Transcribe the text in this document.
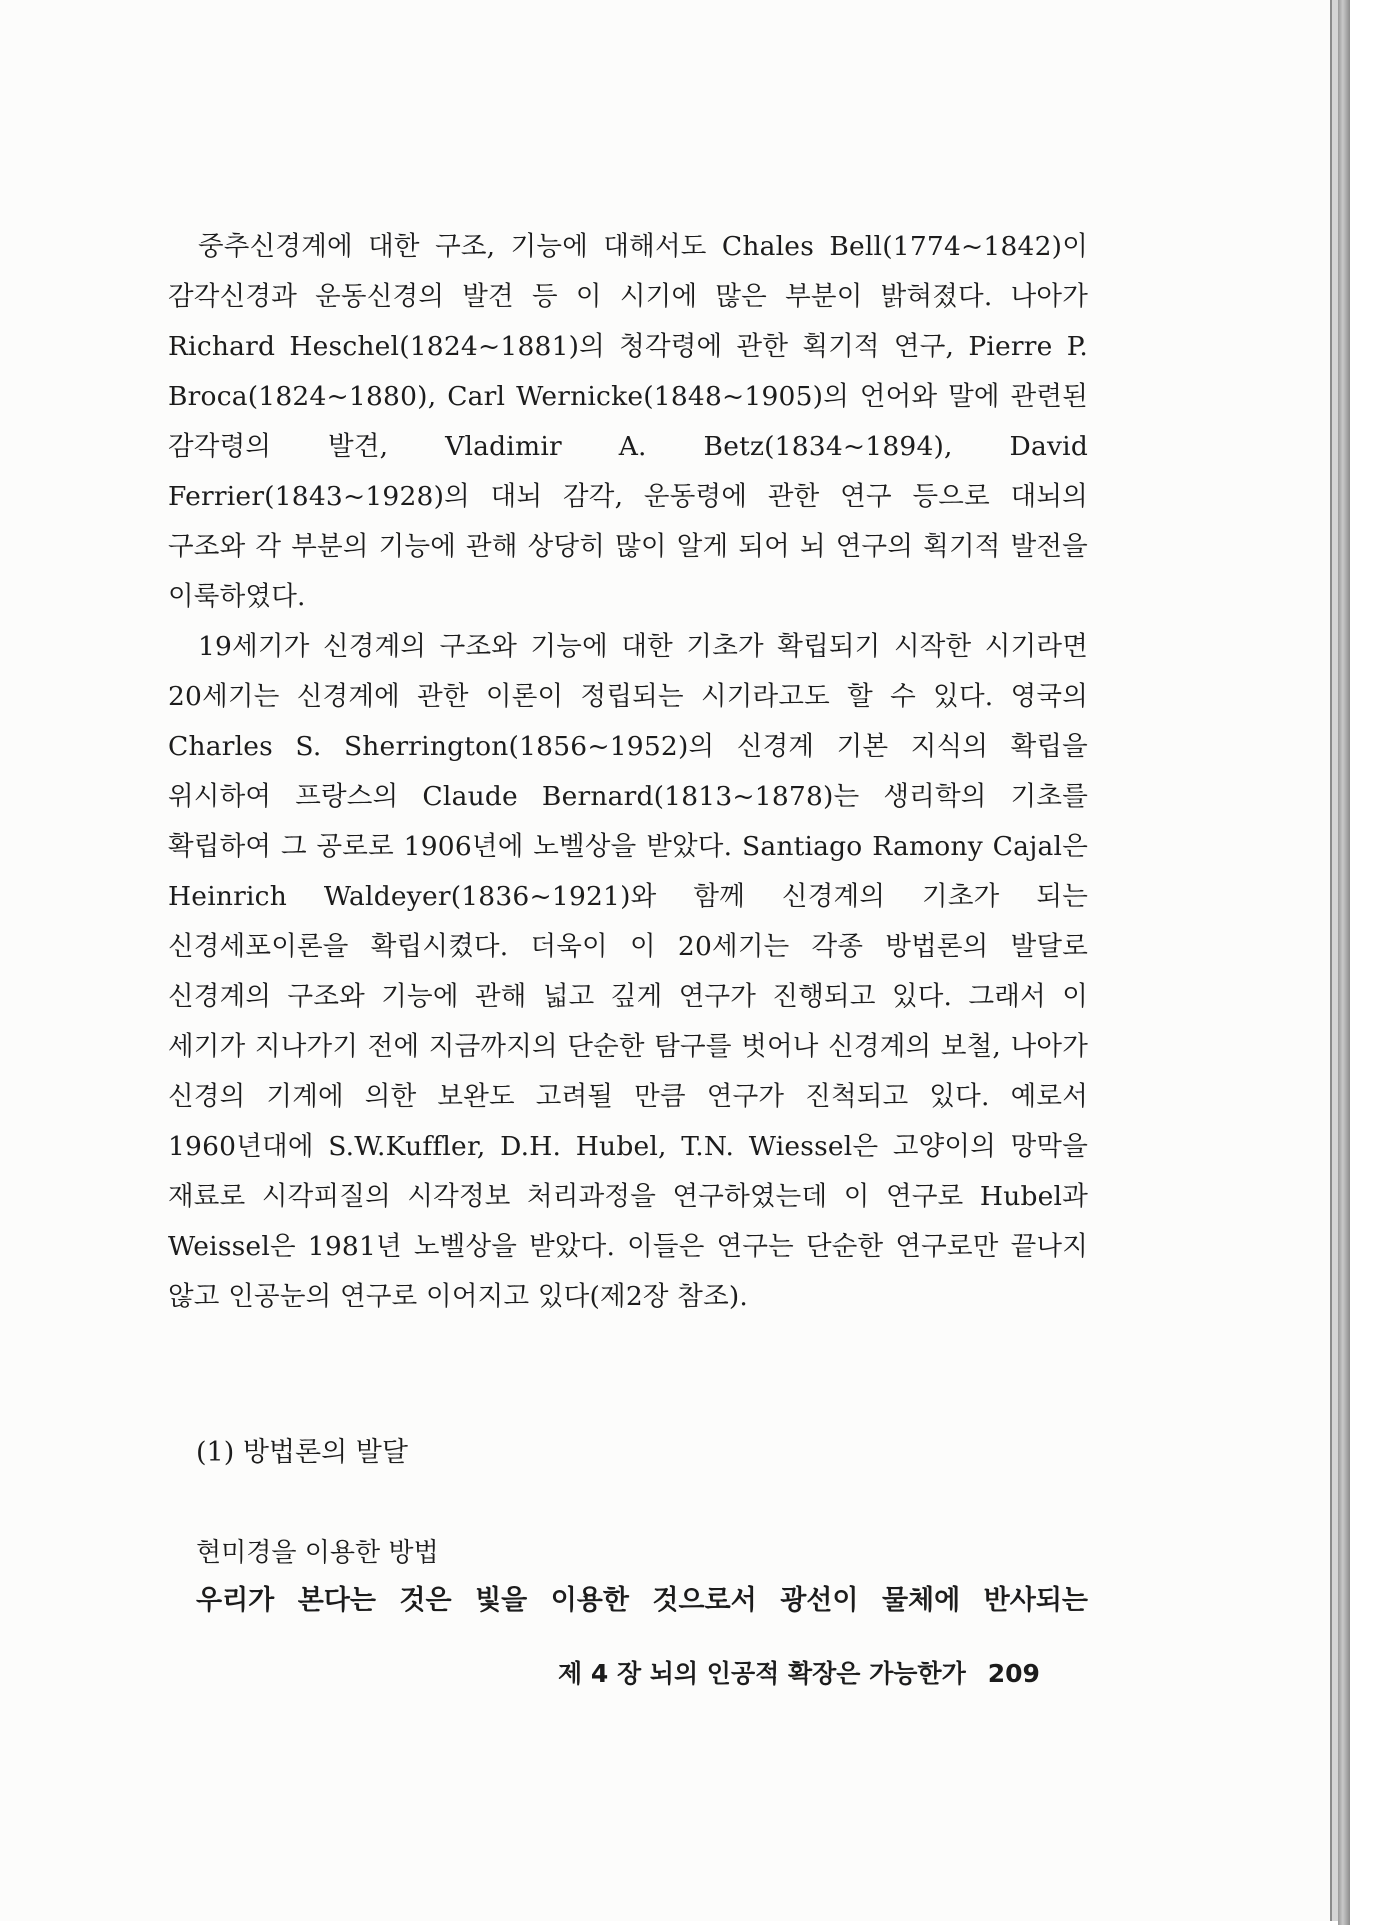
중추신경계에 대한 구조, 기능에 대해서도 Chales Bell(1774~1842)이 감각신경과 운동신경의 발견 등 이 시기에 많은 부분이 밝혀졌다. 나아가 Richard Heschel(1824~1881)의 청각령에 관한 획기적 연구, Pierre P. Broca(1824~1880), Carl Wernicke(1848~1905)의 언어와 말에 관련된 감각령의 발견, Vladimir A. Betz(1834~1894), David Ferrier(1843~1928)의 대뇌 감각, 운동령에 관한 연구 등으로 대뇌의 구조와 각 부분의 기능에 관해 상당히 많이 알게 되어 뇌 연구의 획기적 발전을 이룩하였다.

19세기가 신경계의 구조와 기능에 대한 기초가 확립되기 시작한 시기라면 20세기는 신경계에 관한 이론이 정립되는 시기라고도 할 수 있다. 영국의 Charles S. Sherrington(1856~1952)의 신경계 기본 지식의 확립을 위시하여 프랑스의 Claude Bernard(1813~1878)는 생리학의 기초를 확립하여 그 공로로 1906년에 노벨상을 받았다. Santiago Ramony Cajal은 Heinrich Waldeyer(1836~1921)와 함께 신경계의 기초가 되는 신경세포이론을 확립시켰다. 더욱이 이 20세기는 각종 방법론의 발달로 신경계의 구조와 기능에 관해 넓고 깊게 연구가 진행되고 있다. 그래서 이 세기가 지나가기 전에 지금까지의 단순한 탐구를 벗어나 신경계의 보철, 나아가 신경의 기계에 의한 보완도 고려될 만큼 연구가 진척되고 있다. 예로서 1960년대에 S.W.Kuffler, D.H. Hubel, T.N. Wiessel은 고양이의 망막을 재료로 시각피질의 시각정보 처리과정을 연구하였는데 이 연구로 Hubel과 Weissel은 1981년 노벨상을 받았다. 이들은 연구는 단순한 연구로만 끝나지 않고 인공눈의 연구로 이어지고 있다(제2장 참조).

(1) 방법론의 발달
현미경을 이용한 방법

우리가 본다는 것은 빛을 이용한 것으로서 광선이 물체에 반사되는

제 4 장 뇌의 인공적 확장은 가능한가 209
